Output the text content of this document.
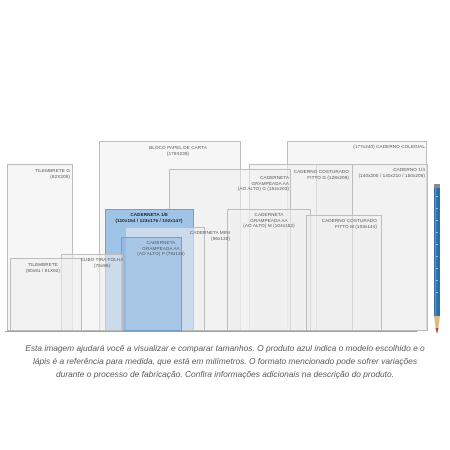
TILEMBRETE G
(82X209)
BLOCO PAPEL DE CARTA
(176X239)
(177x240) CADERNO COLEGIAL
CADERNO 1/4
(140x200 / 140x210 / 150x208)
CADERNO COSTURADO
FITTO G (128x208)
CADERNETA
GRAMPEADA AA
(AO ALTO) G (152x203)
CADERNETA 1/8
(110x154 / 123x176 / 102x147)
CADERNETA MINI
(96x130)
CADERNETA
GRAMPEADA AA
(AO ALTO) M (104x152)
CADERNO COSTURADO
FITTO M (103x144)
CADERNETA
GRAMPEADA AA
(AO ALTO) P (76x118)
CUBO TIRA FOLHA
(76x96)
TILEMBRETE
(80x91 / 91X92)
Esta imagem ajudará você a visualizar e comparar tamanhos. O produto azul indica o modelo escolhido e o lápis é a referência para medida, que está em milímetros. O formato mencionado pode sofrer variações durante o processo de fabricação. Confira informações adicionais na descrição do produto.
